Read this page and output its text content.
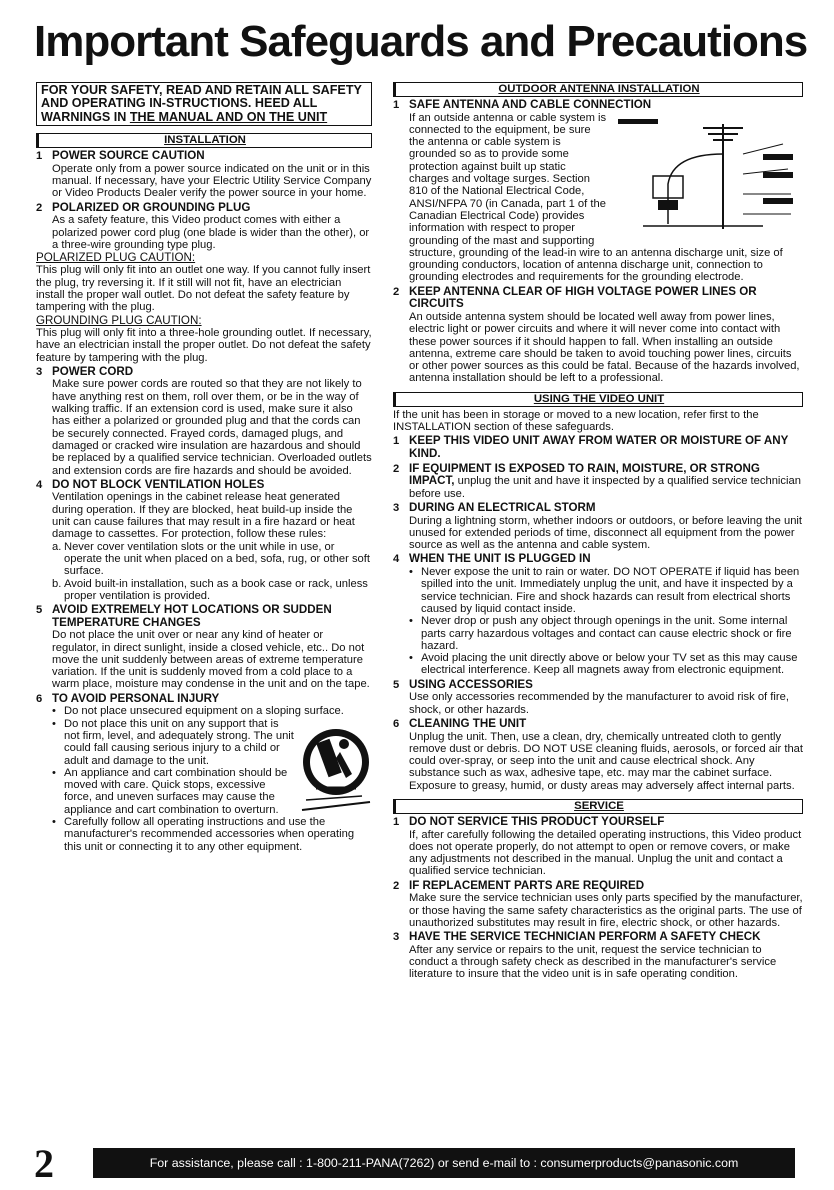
Important Safeguards and Precautions
FOR YOUR SAFETY, READ AND RETAIN ALL SAFETY AND OPERATING IN-STRUCTIONS. HEED ALL WARNINGS IN THE MANUAL AND ON THE UNIT
INSTALLATION
1 POWER SOURCE CAUTION

Operate only from a power source indicated on the unit or in this manual. If necessary, have your Electric Utility Service Company or Video Products Dealer verify the power source in your home.

2 POLARIZED OR GROUNDING PLUG

As a safety feature, this Video product comes with either a polarized power cord plug (one blade is wider than the other), or a three-wire grounding type plug.

POLARIZED PLUG CAUTION:

This plug will only fit into an outlet one way. If you cannot fully insert the plug, try reversing it. If it still will not fit, have an electrician install the proper wall outlet. Do not defeat the safety feature by tampering with the plug.

GROUNDING PLUG CAUTION:

This plug will only fit into a three-hole grounding outlet. If necessary, have an electrician install the proper outlet. Do not defeat the safety feature by tampering with the plug.

3 POWER CORD

Make sure power cords are routed so that they are not likely to have anything rest on them, roll over them, or be in the way of walking traffic. If an extension cord is used, make sure it also has either a polarized or grounded plug and that the cords can be securely connected. Frayed cords, damaged plugs, and damaged or cracked wire insulation are hazardous and should be replaced by a qualified service technician. Overloaded outlets and extension cords are fire hazards and should be avoided.

4 DO NOT BLOCK VENTILATION HOLES

Ventilation openings in the cabinet release heat generated during operation. If they are blocked, heat build-up inside the unit can cause failures that may result in a fire hazard or heat damage to cassettes. For protection, follow these rules:

a. Never cover ventilation slots or the unit while in use, or operate the unit when placed on a bed, sofa, rug, or other soft surface.
b. Avoid built-in installation, such as a book case or rack, unless proper ventilation is provided.
5 AVOID EXTREMELY HOT LOCATIONS OR SUDDEN TEMPERATURE CHANGES

Do not place the unit over or near any kind of heater or regulator, in direct sunlight, inside a closed vehicle, etc.. Do not move the unit suddenly between areas of extreme temperature variation. If the unit is suddenly moved from a cold place to a warm place, moisture may condense in the unit and on the tape.

6 TO AVOID PERSONAL INJURY
• Do not place unsecured equipment on a sloping surface.
• Do not place this unit on any support that is not firm, level, and adequately strong. The unit could fall causing serious injury to a child or adult and damage to the unit.
• An appliance and cart combination should be moved with care. Quick stops, excessive force, and uneven surfaces may cause the appliance and cart combination to overturn.
• Carefully follow all operating instructions and use the manufacturer's recommended accessories when operating this unit or connecting it to any other equipment.
OUTDOOR ANTENNA INSTALLATION
1 SAFE ANTENNA AND CABLE CONNECTION

If an outside antenna or cable system is connected to the equipment, be sure the antenna or cable system is grounded so as to provide some protection against built up static charges and voltage surges. Section 810 of the National Electrical Code, ANSI/NFPA 70 (in Canada, part 1 of the Canadian Electrical Code) provides information with respect to proper grounding of the mast and supporting structure, grounding of the lead-in wire to an antenna discharge unit, size of grounding conductors, location of antenna discharge unit, connection to grounding electrodes and requirements for the grounding electrode.

2 KEEP ANTENNA CLEAR OF HIGH VOLTAGE POWER LINES OR CIRCUITS

An outside antenna system should be located well away from power lines, electric light or power circuits and where it will never come into contact with these power sources if it should happen to fall. When installing an outside antenna, extreme care should be taken to avoid touching power lines, circuits or other power sources as this could be fatal. Because of the hazards involved, antenna installation should be left to a professional.

USING THE VIDEO UNIT

If the unit has been in storage or moved to a new location, refer first to the INSTALLATION section of these safeguards.

1 KEEP THIS VIDEO UNIT AWAY FROM WATER OR MOISTURE OF ANY KIND.
2 IF EQUIPMENT IS EXPOSED TO RAIN, MOISTURE, OR STRONG IMPACT, unplug the unit and have it inspected by a qualified service technician before use.
3 DURING AN ELECTRICAL STORM

During a lightning storm, whether indoors or outdoors, or before leaving the unit unused for extended periods of time, disconnect all equipment from the power source as well as the antenna and cable system.

4 WHEN THE UNIT IS PLUGGED IN
• Never expose the unit to rain or water. DO NOT OPERATE if liquid has been spilled into the unit. Immediately unplug the unit, and have it inspected by a service technician. Fire and shock hazards can result from electrical shorts caused by liquid contact inside.
• Never drop or push any object through openings in the unit. Some internal parts carry hazardous voltages and contact can cause electric shock or fire hazard.
• Avoid placing the unit directly above or below your TV set as this may cause electrical interference. Keep all magnets away from electronic equipment.
5 USING ACCESSORIES

Use only accessories recommended by the manufacturer to avoid risk of fire, shock, or other hazards.

6 CLEANING THE UNIT

Unplug the unit. Then, use a clean, dry, chemically untreated cloth to gently remove dust or debris. DO NOT USE cleaning fluids, aerosols, or forced air that could over-spray, or seep into the unit and cause electrical shock. Any substance such as wax, adhesive tape, etc. may mar the cabinet surface. Exposure to greasy, humid, or dusty areas may adversely affect internal parts.

SERVICE
1 DO NOT SERVICE THIS PRODUCT YOURSELF

If, after carefully following the detailed operating instructions, this Video product does not operate properly, do not attempt to open or remove covers, or make any adjustments not described in the manual. Unplug the unit and contact a qualified service technician.

2 IF REPLACEMENT PARTS ARE REQUIRED

Make sure the service technician uses only parts specified by the manufacturer, or those having the same safety characteristics as the original parts. The use of unauthorized substitutes may result in fire, electric shock, or other hazards.

3 HAVE THE SERVICE TECHNICIAN PERFORM A SAFETY CHECK

After any service or repairs to the unit, request the service technician to conduct a through safety check as described in the manufacturer's service literature to insure that the video unit is in safe operating condition.

2	For assistance, please call : 1-800-211-PANA(7262) or send e-mail to : consumerproducts@panasonic.com
